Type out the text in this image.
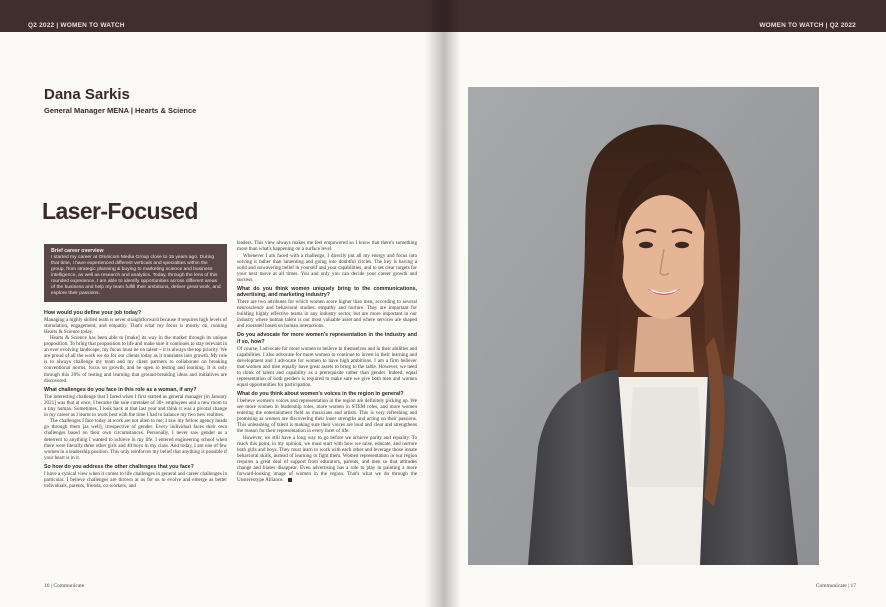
Q2 2022 | WOMEN TO WATCH
Dana Sarkis
General Manager MENA | Hearts & Science
Laser-Focused
Brief career overview
I started my career at Omnicom Media Group close to 15 years ago. During that time, I have experienced different verticals and specialties within the group, from strategic planning & buying to marketing science and business intelligence, as well as research and analytics. Today, through the lens of this rounded experience, I am able to identify opportunities across different areas of the business and help my team fulfill their ambitions, deliver great work, and explore their passions.
How would you define your job today?

Managing a highly skilled team is never straightforward because it requires high levels of stimulation, engagement, and empathy. That's what my focus is mostly on, running Hearts & Science today.

Hearts & Science has been able to [make] its way in the market through its unique proposition. To bring that proposition to life and make sure it continues to stay relevant in an ever evolving landscape, my focus must be on talent – it is always the top priority. We are proud of all the work we do for our clients today as it translates into growth. My role is to always challenge my team and my client partners to collaborate on breaking conventional norms, focus on growth, and be open to testing and learning. It is only through this 20% of testing and learning that ground-breaking ideas and initiatives are discovered.

What challenges do you face in this role as a woman, if any?

The interesting challenge that I faced when I first started as general manager [in January 2021] was that at once, I became the sole caretaker of 30+ employees and a new mom to a tiny human. Sometimes, I look back at that last year and think it was a pivotal change in my career as I learnt to work best with the time I had to balance my two new realities.

The challenges I face today at work are not alien to me; I saw my fellow agency heads go through them [as well], irrespective of gender. Every individual faces their own challenges based on their own circumstances. Personally, I never saw gender as a deterrent to anything I wanted to achieve in my life. I entered engineering school when there were literally three other girls and 40 boys in my class. And today, I am one of few women in a leadership position. This only reinforces my belief that anything is possible if your heart is in it.

So how do you address the other challenges that you face?

I have a cynical view when it comes to life challenges in general and career challenges in particular. I believe challenges are thrown at us for us to evolve and emerge as better individuals, parents, friends, co-workers, and

leaders. This view always makes me feel empowered so I know that there's something more than what's happening on a surface level.

Whenever I am faced with a challenge, I directly put all my energy and focus into solving it rather than lamenting and going into doubtful circles. The key is having a solid and unwavering belief in yourself and your capabilities, and to set clear targets for your next move at all times. You and only you can decide your career growth and success.

What do you think women uniquely bring to the communications, advertising, and marketing industry?

There are two attributes for which women score higher than men, according to several neuroscience and behavioral studies: empathy and nurture. They are important for building highly effective teams in any industry sector, but are more important in our industry where human talent is our most valuable asset and where services are shaped and executed based on human interactions.

Do you advocate for more women's representation in the industry and if so, how?

Of course, I advocate for more women to believe in themselves and in their abilities and capabilities. I also advocate for more women to continue to invest in their learning and development and I advocate for women to have high ambitions. I am a firm believer that women and men equally have great assets to bring to the table. However, we need to think of talent and capability as a prerequisite rather than gender. Indeed, equal representation of both genders is required to make sure we give both men and women equal opportunities for participation.

What do you think about women's voices in the region in general?

I believe women's voices and representation in the region are definitely picking up. We see more women in leadership roles, more women in STEM roles, and more women entering the entertainment field as musicians and artists. This is very refreshing and promising as women are discovering their inner strengths and acting on their passions. This unleashing of talent is making sure their voices are loud and clear and strengthens the reason for their representation in every facet of life.

However, we still have a long way to go before we achieve parity and equality. To reach this point, in my opinion, we must start with how we raise, educate, and nurture both girls and boys. They must learn to work with each other and leverage those innate behavioral skills, instead of learning to fight them. Women representation in our region requires a great deal of support from educators, parents, and men so that attitudes change and biases disappear. Even advertising has a role to play in painting a more forward-looking image of women in the region. That's what we do through the Unstereotype Alliance.

16 | Communicate
WOMEN TO WATCH | Q2 2022
Communicate | 17
